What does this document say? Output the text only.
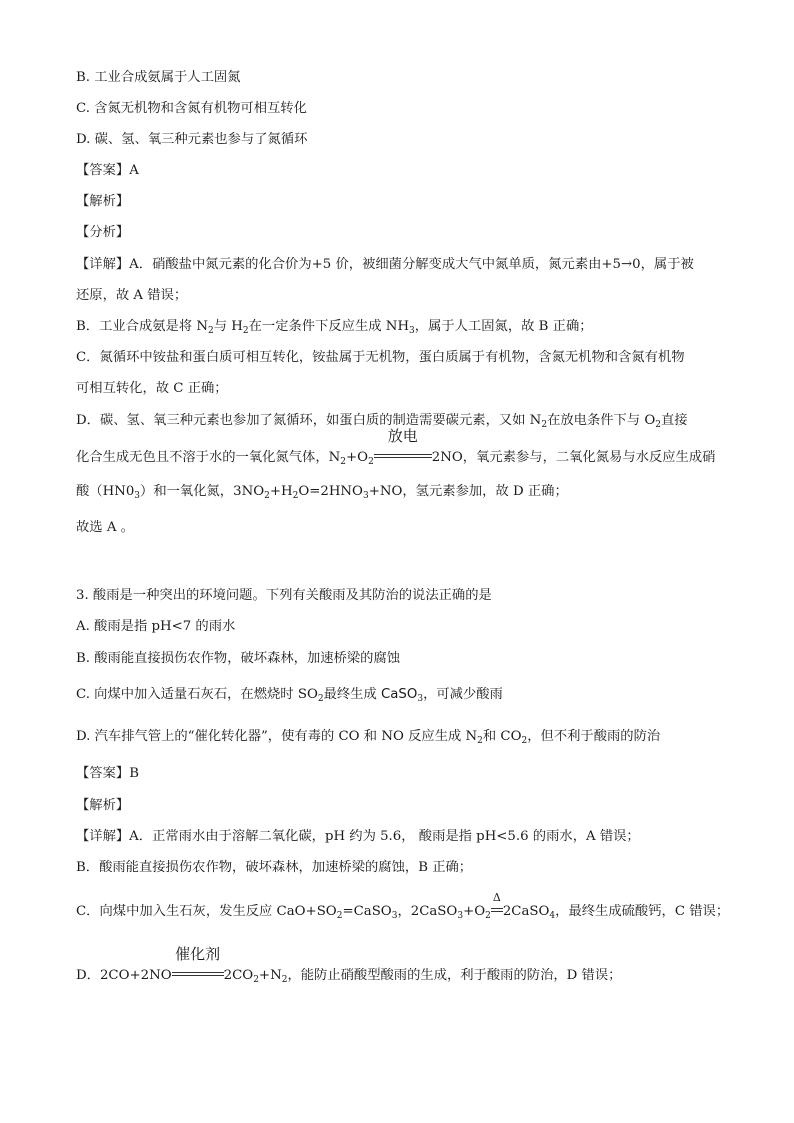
B. 工业合成氨属于人工固氮
C. 含氮无机物和含氮有机物可相互转化
D. 碳、氢、氧三种元素也参与了氮循环
【答案】A
【解析】
【分析】
【详解】A．硝酸盐中氮元素的化合价为+5 价，被细菌分解变成大气中氮单质，氮元素由+5→0，属于被
还原，故 A 错误；
B．工业合成氨是将 $N_2$与 $H_2$在一定条件下反应生成 $NH_3$，属于人工固氮，故 B 正确；
C．氮循环中铵盐和蛋白质可相互转化，铵盐属于无机物，蛋白质属于有机物，含氮无机物和含氮有机物
可相互转化，故 C 正确；
D．碳、氢、氧三种元素也参加了氮循环，如蛋白质的制造需要碳元素，又如 $N_2$在放电条件下与 $O_2$直接
化合生成无色且不溶于水的一氧化氮气体，$N_2+O_2$
放电
2NO，氧元素参与，二氧化氮易与水反应生成硝
酸$(HN0_3)$和一氧化氮，$3NO_2+H_2O=2HNO_3+NO$，氢元素参加，故 D 正确；
故选 A 。
3. 酸雨是一种突出的环境问题。下列有关酸雨及其防治的说法正确的是
A. 酸雨是指 pH<7 的雨水
B. 酸雨能直接损伤农作物，破坏森林，加速桥梁的腐蚀
C. 向煤中加入适量石灰石，在燃烧时 $SO_2$最终生成 CaSO$_3$，可减少酸雨
D. 汽车排气管上的“催化转化器”，使有毒的 CO 和 NO 反应生成 $N_2$和 $CO_2$，但不利于酸雨的防治
【答案】B
【解析】
【详解】A．正常雨水由于溶解二氧化碳，pH 约为 5.6， 酸雨是指 pH<5.6 的雨水，A 错误；
B．酸雨能直接损伤农作物，破坏森林，加速桥梁的腐蚀，B 正确；
C．向煤中加入生石灰，发生反应 $CaO+SO_2=CaSO_3$，$2CaSO_3+O_2$
Δ
2CaSO$_4$，最终生成硫酸钙，C 错误；
D．2CO+2NO
催化剂
$2CO_2+N_2$，能防止硝酸型酸雨的生成，利于酸雨的防治，D 错误；
